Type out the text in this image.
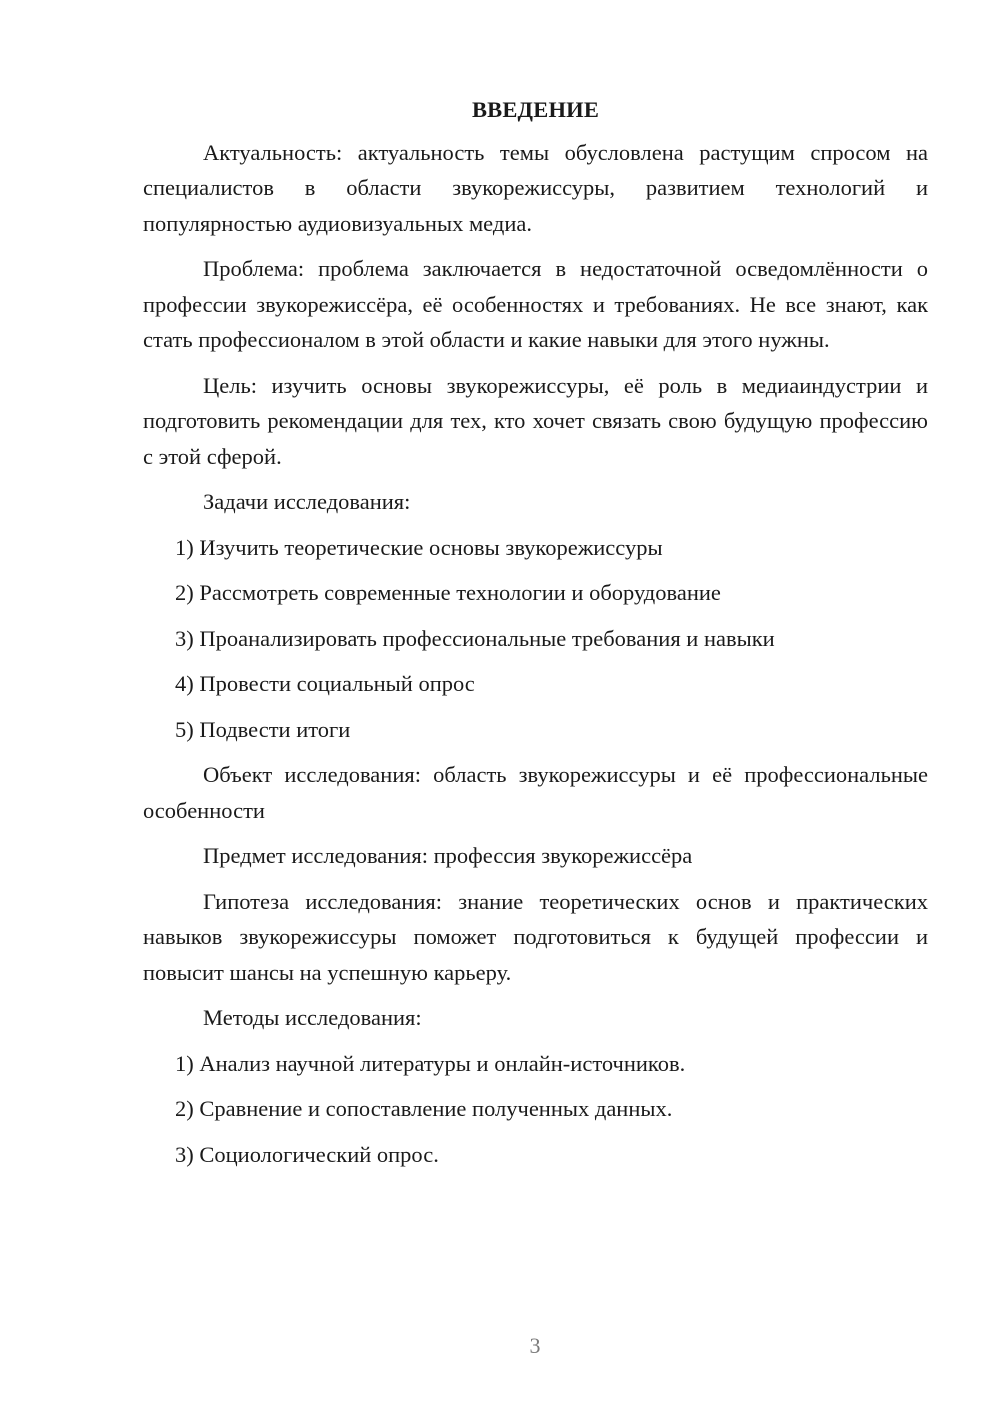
ВВЕДЕНИЕ

Актуальность: актуальность темы обусловлена растущим спросом на специалистов в области звукорежиссуры, развитием технологий и популярностью аудиовизуальных медиа.

Проблема: проблема заключается в недостаточной осведомлённости о профессии звукорежиссёра, её особенностях и требованиях. Не все знают, как стать профессионалом в этой области и какие навыки для этого нужны.

Цель: изучить основы звукорежиссуры, её роль в медиаиндустрии и подготовить рекомендации для тех, кто хочет связать свою будущую профессию с этой сферой.

Задачи исследования:

1) Изучить теоретические основы звукорежиссуры
2) Рассмотреть современные технологии и оборудование
3) Проанализировать профессиональные требования и навыки
4) Провести социальный опрос
5) Подвести итоги

Объект исследования: область звукорежиссуры и её профессиональные особенности

Предмет исследования: профессия звукорежиссёра

Гипотеза исследования: знание теоретических основ и практических навыков звукорежиссуры поможет подготовиться к будущей профессии и повысит шансы на успешную карьеру.

Методы исследования:

1) Анализ научной литературы и онлайн-источников.
2) Сравнение и сопоставление полученных данных.
3) Социологический опрос.
3
